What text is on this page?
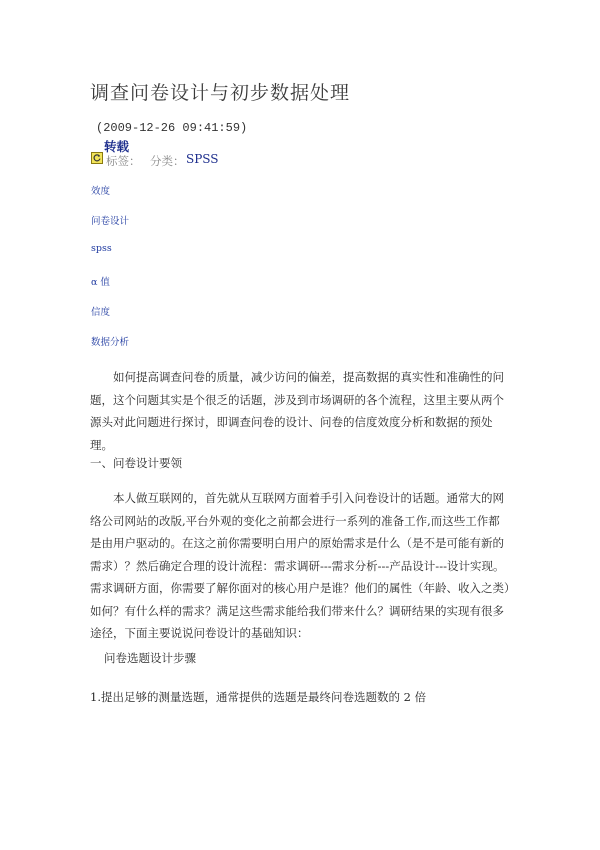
调查问卷设计与初步数据处理
(2009-12-26 09:41:59)
转载
标签： 分类： SPSS
效度
问卷设计
spss
α 值
信度
数据分析

如何提高调查问卷的质量，减少访问的偏差，提高数据的真实性和准确性的问题，这个问题其实是个很乏的话题，涉及到市场调研的各个流程，这里主要从两个源头对此问题进行探讨，即调查问卷的设计、问卷的信度效度分析和数据的预处理。

一、问卷设计要领

本人做互联网的，首先就从互联网方面着手引入问卷设计的话题。通常大的网络公司网站的改版,平台外观的变化之前都会进行一系列的准备工作,而这些工作都是由用户驱动的。在这之前你需要明白用户的原始需求是什么（是不是可能有新的需求）？然后确定合理的设计流程：需求调研---需求分析---产品设计---设计实现。需求调研方面，你需要了解你面对的核心用户是谁？他们的属性（年龄、收入之类）如何？有什么样的需求？满足这些需求能给我们带来什么？调研结果的实现有很多途径，下面主要说说问卷设计的基础知识：

问卷选题设计步骤
1.提出足够的测量选题，通常提供的选题是最终问卷选题数的 2 倍
